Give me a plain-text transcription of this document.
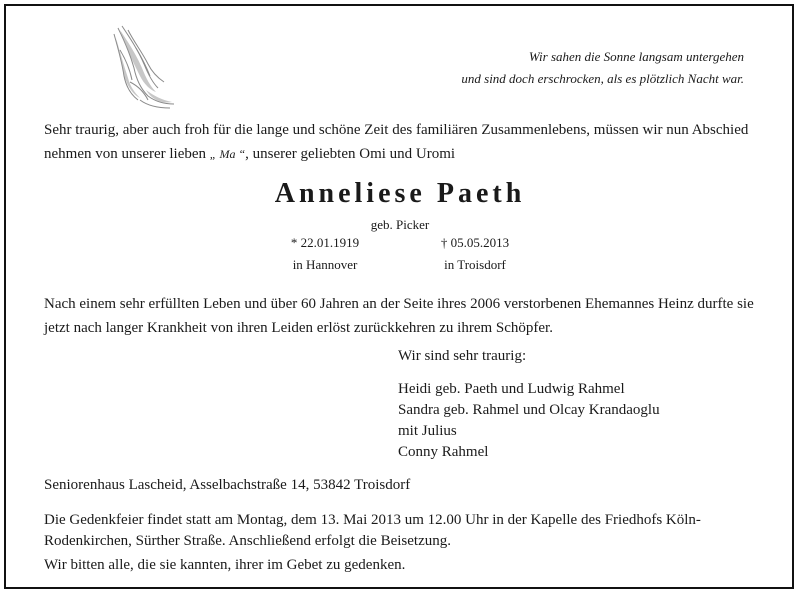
Wir sahen die Sonne langsam untergehen
und sind doch erschrocken, als es plötzlich Nacht war.
Sehr traurig, aber auch froh für die lange und schöne Zeit des familiären Zusammenlebens, müssen wir nun Abschied nehmen von unserer lieben „ Ma “, unserer geliebten Omi und Uromi
Anneliese Paeth
geb. Picker
* 22.01.1919
in Hannover
† 05.05.2013
in Troisdorf
Nach einem sehr erfüllten Leben und über 60 Jahren an der Seite ihres 2006 verstorbenen Ehemannes Heinz durfte sie jetzt nach langer Krankheit von ihren Leiden erlöst zurückkehren zu ihrem Schöpfer.
Wir sind sehr traurig:
Heidi geb. Paeth und Ludwig Rahmel
Sandra geb. Rahmel und Olcay Krandaoglu
mit Julius
Conny Rahmel
Seniorenhaus Lascheid, Asselbachstraße 14, 53842 Troisdorf
Die Gedenkfeier findet statt am Montag, dem 13. Mai 2013 um 12.00 Uhr in der Kapelle des Friedhofs Köln-Rodenkirchen, Sürther Straße. Anschließend erfolgt die Beisetzung.
Wir bitten alle, die sie kannten, ihrer im Gebet zu gedenken.
